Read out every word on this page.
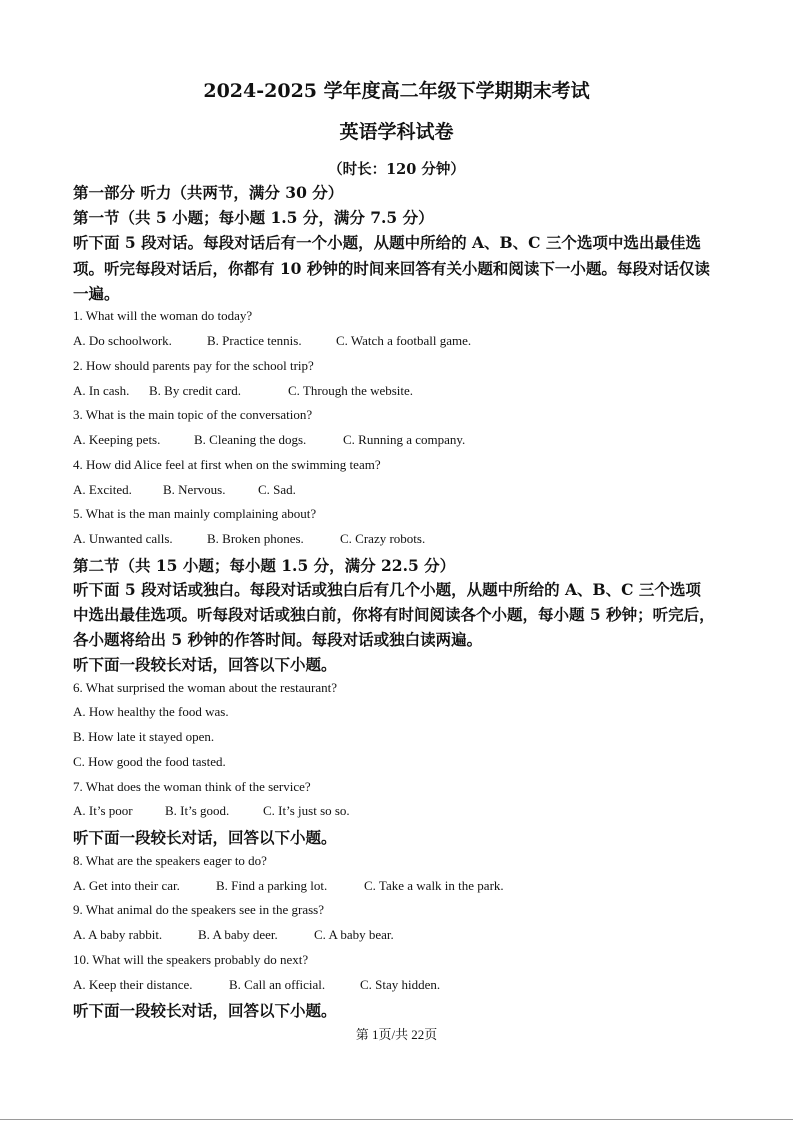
2024-2025 学年度高二年级下学期期末考试
英语学科试卷
（时长：120 分钟）
第一部分 听力（共两节，满分 30 分）
第一节（共 5 小题；每小题 1.5 分，满分 7.5 分）
听下面 5 段对话。每段对话后有一个小题，从题中所给的 A、B、C 三个选项中选出最佳选
项。听完每段对话后，你都有 10 秒钟的时间来回答有关小题和阅读下一小题。每段对话仅读
一遍。
1. What will the woman do today?
A. Do schoolwork.	B. Practice tennis.	C. Watch a football game.
2. How should parents pay for the school trip?
A. In cash. B. By credit card.	C. Through the website.
3. What is the main topic of the conversation?
A. Keeping pets.	B. Cleaning the dogs.	C. Running a company.
4. How did Alice feel at first when on the swimming team?
A. Excited. B. Nervous.	C. Sad.
5. What is the man mainly complaining about?
A. Unwanted calls.	B. Broken phones.	C. Crazy robots.
第二节（共 15 小题；每小题 1.5 分，满分 22.5 分）
听下面 5 段对话或独白。每段对话或独白后有几个小题，从题中所给的 A、B、C 三个选项
中选出最佳选项。听每段对话或独白前，你将有时间阅读各个小题，每小题 5 秒钟；听完后，
各小题将给出 5 秒钟的作答时间。每段对话或独白读两遍。
听下面一段较长对话，回答以下小题。
6. What surprised the woman about the restaurant?
A. How healthy the food was.
B. How late it stayed open.
C. How good the food tasted.
7. What does the woman think of the service?
A. It’s poor B. It’s good.	C. It’s just so so.
听下面一段较长对话，回答以下小题。
8. What are the speakers eager to do?
A. Get into their car.	B. Find a parking lot.	C. Take a walk in the park.
9. What animal do the speakers see in the grass?
A. A baby rabbit.	B. A baby deer.	C. A baby bear.
10. What will the speakers probably do next?
A. Keep their distance.	B. Call an official.	C. Stay hidden.
听下面一段较长对话，回答以下小题。
第 1页/共 22页
